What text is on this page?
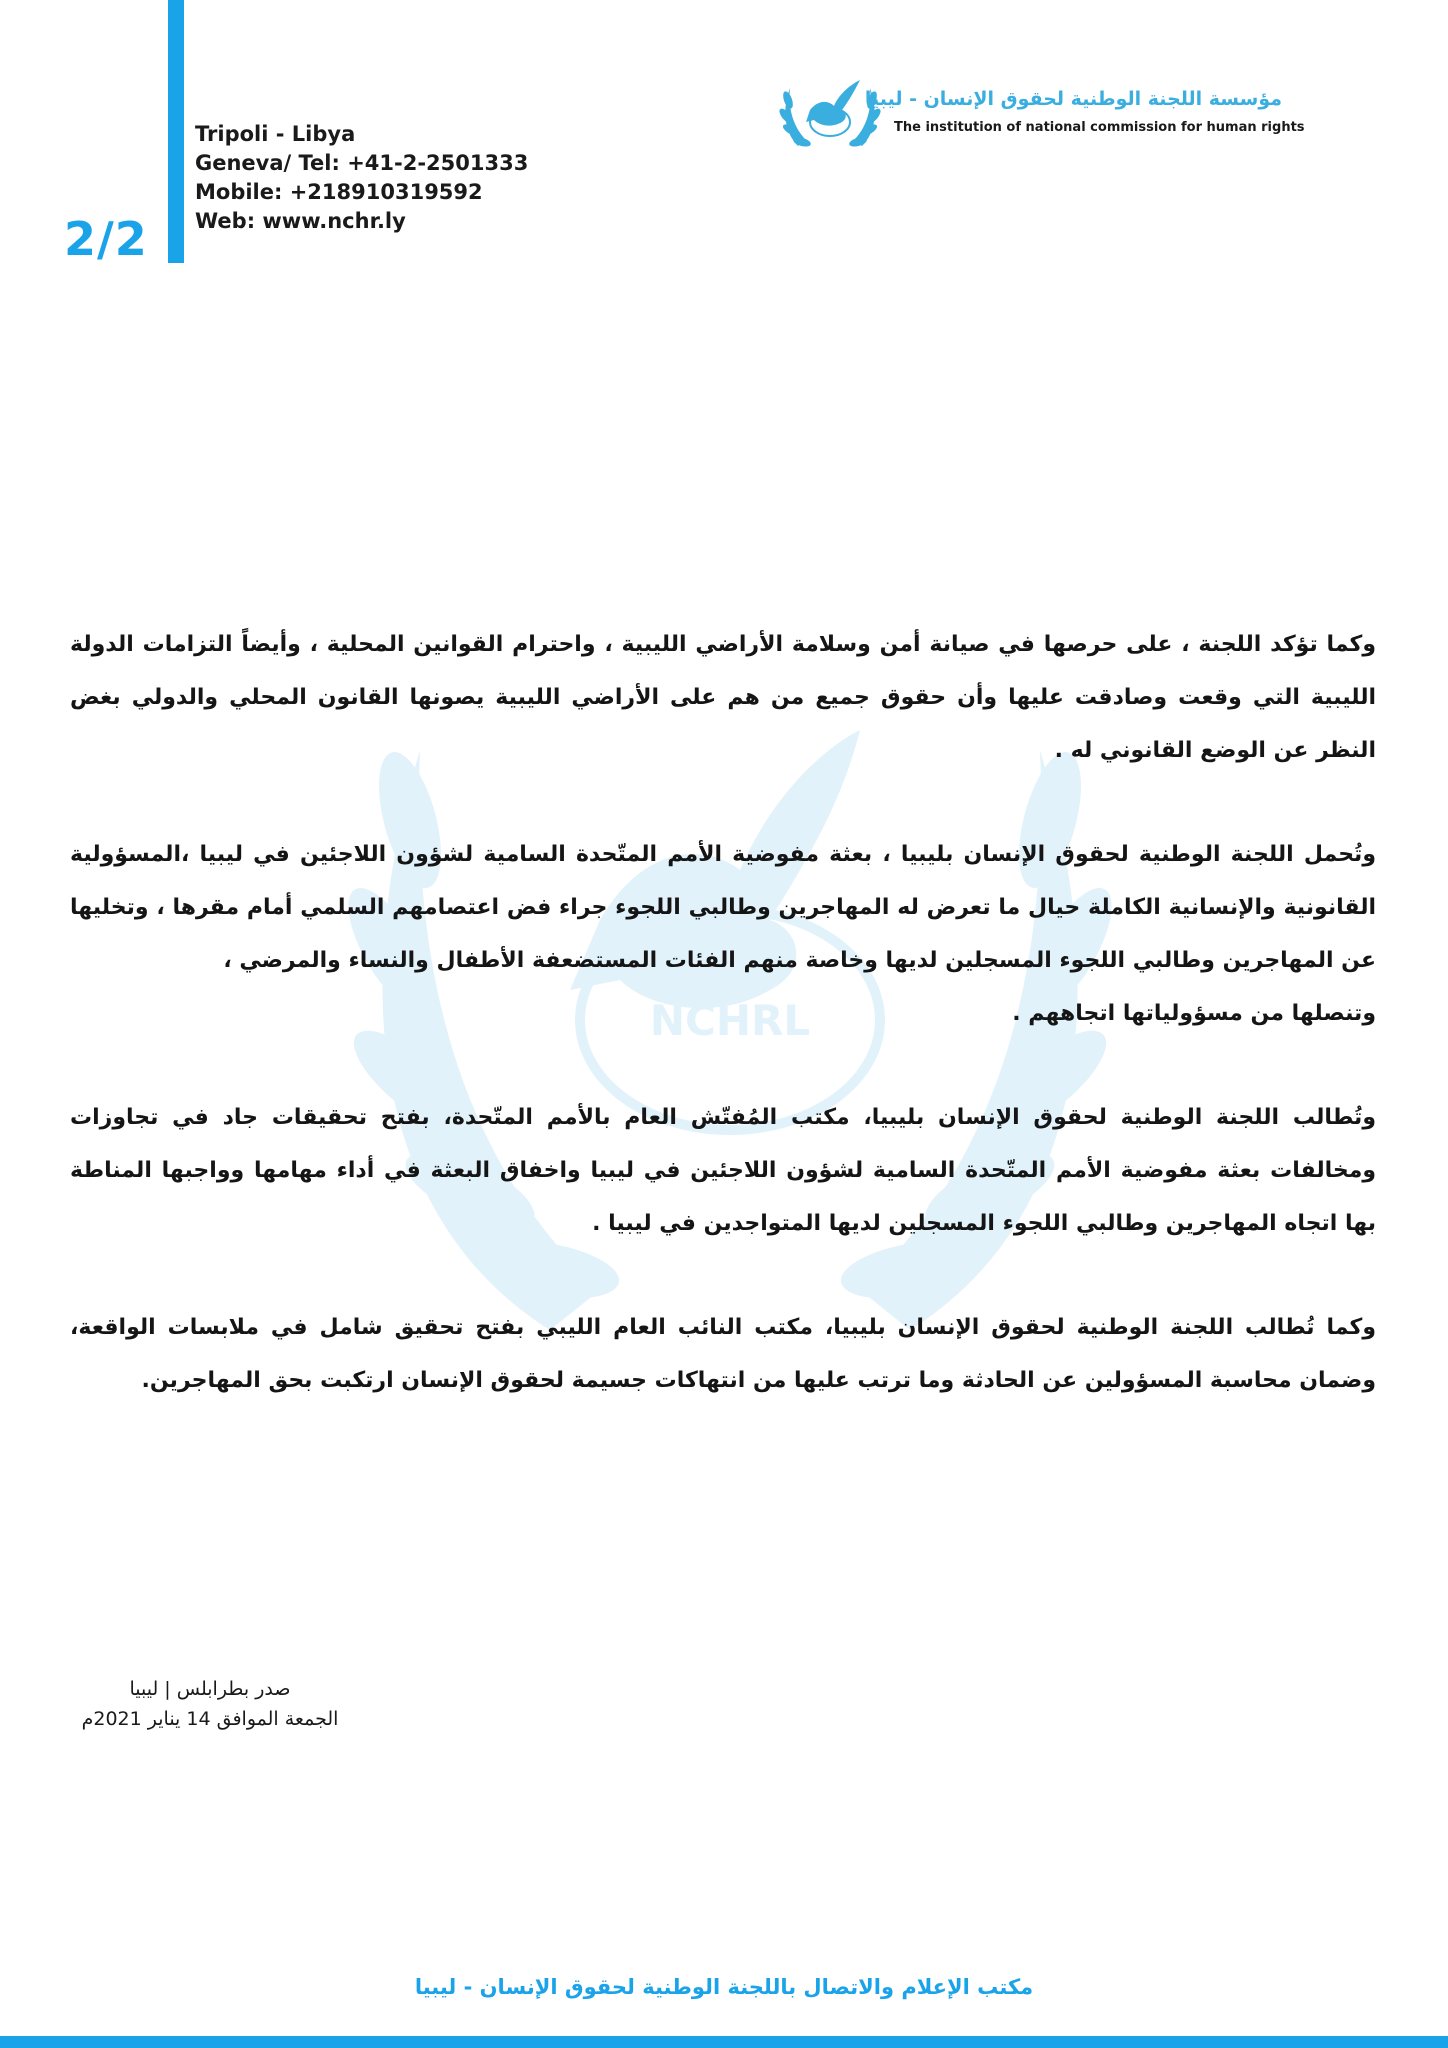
2/2
Tripoli - Libya
Geneva/ Tel: +41-2-2501333
Mobile: +218910319592
Web: www.nchr.ly
مؤسسة اللجنة الوطنية لحقوق الإنسان - ليبيا
The institution of national commission for human rights
NCHRL

وكما تؤكد اللجنة ، على حرصها في صيانة أمن وسلامة الأراضي الليبية ، واحترام القوانين المحلية ، وأيضاً التزامات الدولة الليبية التي وقعت وصادقت عليها وأن حقوق جميع من هم على الأراضي الليبية يصونها القانون المحلي والدولي بغض النظر عن الوضع القانوني له .

وتُحمل اللجنة الوطنية لحقوق الإنسان بليبيا ، بعثة مفوضية الأمم المتّحدة السامية لشؤون اللاجئين في ليبيا ،المسؤولية القانونية والإنسانية الكاملة حيال ما تعرض له المهاجرين وطالبي اللجوء جراء فض اعتصامهم السلمي أمام مقرها ، وتخليها عن المهاجرين وطالبي اللجوء المسجلين لديها وخاصة منهم الفئات المستضعفة الأطفال والنساء والمرضي ،

وتنصلها من مسؤولياتها اتجاههم .

وتُطالب اللجنة الوطنية لحقوق الإنسان بليبيا، مكتب المُفتّش العام بالأمم المتّحدة، بفتح تحقيقات جاد في تجاوزات ومخالفات بعثة مفوضية الأمم المتّحدة السامية لشؤون اللاجئين في ليبيا واخفاق البعثة في أداء مهامها وواجبها المناطة بها اتجاه المهاجرين وطالبي اللجوء المسجلين لديها المتواجدين في ليبيا .

وكما تُطالب اللجنة الوطنية لحقوق الإنسان بليبيا، مكتب النائب العام الليبي بفتح تحقيق شامل في ملابسات الواقعة، وضمان محاسبة المسؤولين عن الحادثة وما ترتب عليها من انتهاكات جسيمة لحقوق الإنسان ارتكبت بحق المهاجرين.

صدر بطرابلس | ليبيا
الجمعة الموافق 14 يناير 2021م
مكتب الإعلام والاتصال باللجنة الوطنية لحقوق الإنسان - ليبيا
